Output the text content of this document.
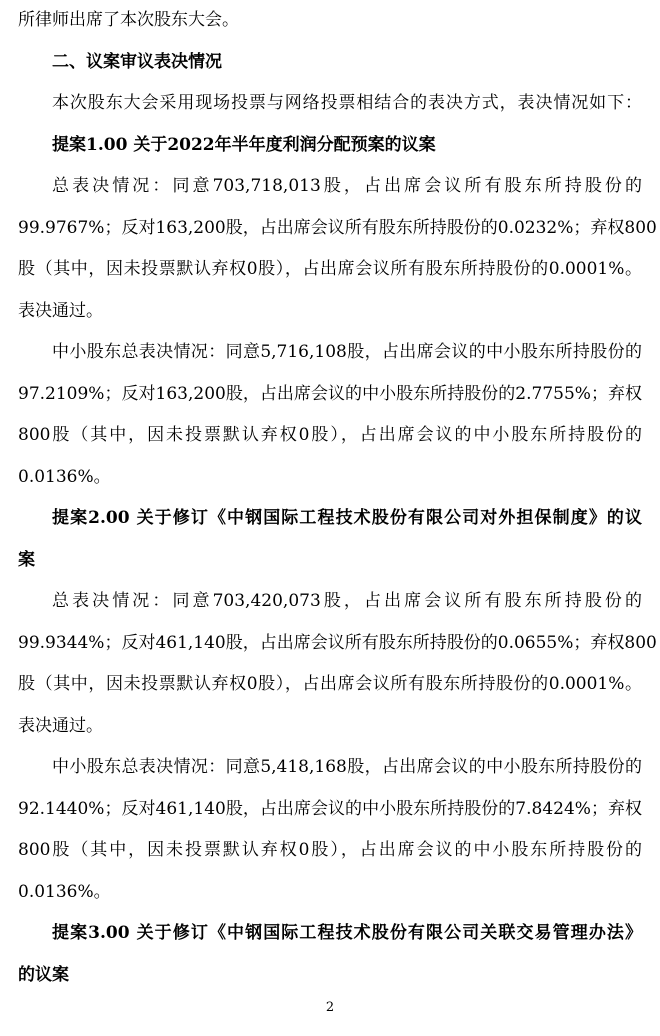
所律师出席了本次股东大会。
二、议案审议表决情况
本次股东大会采用现场投票与网络投票相结合的表决方式，表决情况如下：
提案1.00 关于2022年半年度利润分配预案的议案
总表决情况：同意703,718,013股，占出席会议所有股东所持股份的
99.9767%；反对163,200股，占出席会议所有股东所持股份的0.0232%；弃权800
股（其中，因未投票默认弃权0股），占出席会议所有股东所持股份的0.0001%。
表决通过。
中小股东总表决情况：同意5,716,108股，占出席会议的中小股东所持股份的
97.2109%；反对163,200股，占出席会议的中小股东所持股份的2.7755%；弃权
800股（其中，因未投票默认弃权0股），占出席会议的中小股东所持股份的
0.0136%。
提案2.00 关于修订《中钢国际工程技术股份有限公司对外担保制度》的议
案
总表决情况：同意703,420,073股，占出席会议所有股东所持股份的
99.9344%；反对461,140股，占出席会议所有股东所持股份的0.0655%；弃权800
股（其中，因未投票默认弃权0股），占出席会议所有股东所持股份的0.0001%。
表决通过。
中小股东总表决情况：同意5,418,168股，占出席会议的中小股东所持股份的
92.1440%；反对461,140股，占出席会议的中小股东所持股份的7.8424%；弃权
800股（其中，因未投票默认弃权0股），占出席会议的中小股东所持股份的
0.0136%。
提案3.00 关于修订《中钢国际工程技术股份有限公司关联交易管理办法》
的议案
2
